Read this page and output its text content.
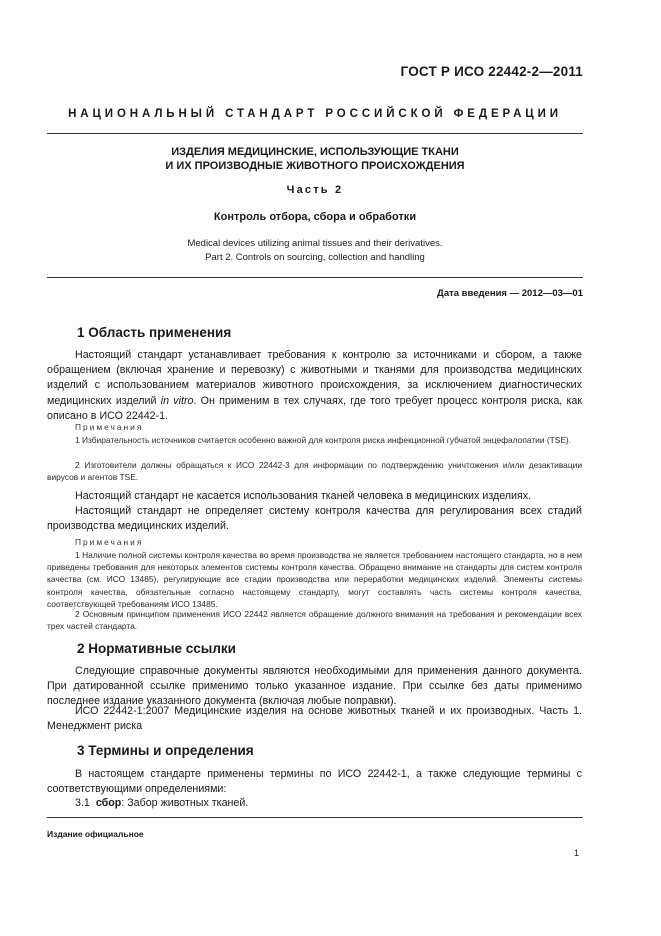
ГОСТ Р ИСО 22442-2—2011
НАЦИОНАЛЬНЫЙ СТАНДАРТ РОССИЙСКОЙ ФЕДЕРАЦИИ
ИЗДЕЛИЯ МЕДИЦИНСКИЕ, ИСПОЛЬЗУЮЩИЕ ТКАНИ
И ИХ ПРОИЗВОДНЫЕ ЖИВОТНОГО ПРОИСХОЖДЕНИЯ
Часть 2
Контроль отбора, сбора и обработки
Medical devices utilizing animal tissues and their derivatives.
Part 2. Controls on sourcing, collection and handling
Дата введения — 2012—03—01
1 Область применения

Настоящий стандарт устанавливает требования к контролю за источниками и сбором, а также обращением (включая хранение и перевозку) с животными и тканями для производства медицинских изделий с использованием материалов животного происхождения, за исключением диагностических медицинских изделий in vitro. Он применим в тех случаях, где того требует процесс контроля риска, как описано в ИСО 22442-1.

Примечания

1 Избирательность источников считается особенно важной для контроля риска инфекционной губчатой энцефалопатии (TSE).

2 Изготовители должны обращаться к ИСО 22442-3 для информации по подтверждению уничтожения и/или дезактивации вирусов и агентов TSE.

Настоящий стандарт не касается использования тканей человека в медицинских изделиях.

Настоящий стандарт не определяет систему контроля качества для регулирования всех стадий производства медицинских изделий.

Примечания

1 Наличие полной системы контроля качества во время производства не является требованием настоящего стандарта, но в нем приведены требования для некоторых элементов системы контроля качества. Обращено внимание на стандарты для систем контроля качества (см. ИСО 13485), регулирующие все стадии производства или переработки медицинских изделий. Элементы системы контроля качества, обязательные согласно настоящему стандарту, могут составлять часть системы контроля качества, соответствующей требованиям ИСО 13485.

2 Основным принципом применения ИСО 22442 является обращение должного внимания на требования и рекомендации всех трех частей стандарта.

2 Нормативные ссылки

Следующие справочные документы являются необходимыми для применения данного документа. При датированной ссылке применимо только указанное издание. При ссылке без даты применимо последнее издание указанного документа (включая любые поправки).

ИСО 22442-1:2007 Медицинские изделия на основе животных тканей и их производных. Часть 1. Менеджмент риска

3 Термины и определения

В настоящем стандарте применены термины по ИСО 22442-1, а также следующие термины с соответствующими определениями:

3.1 сбор: Забор животных тканей.

Издание официальное
1
